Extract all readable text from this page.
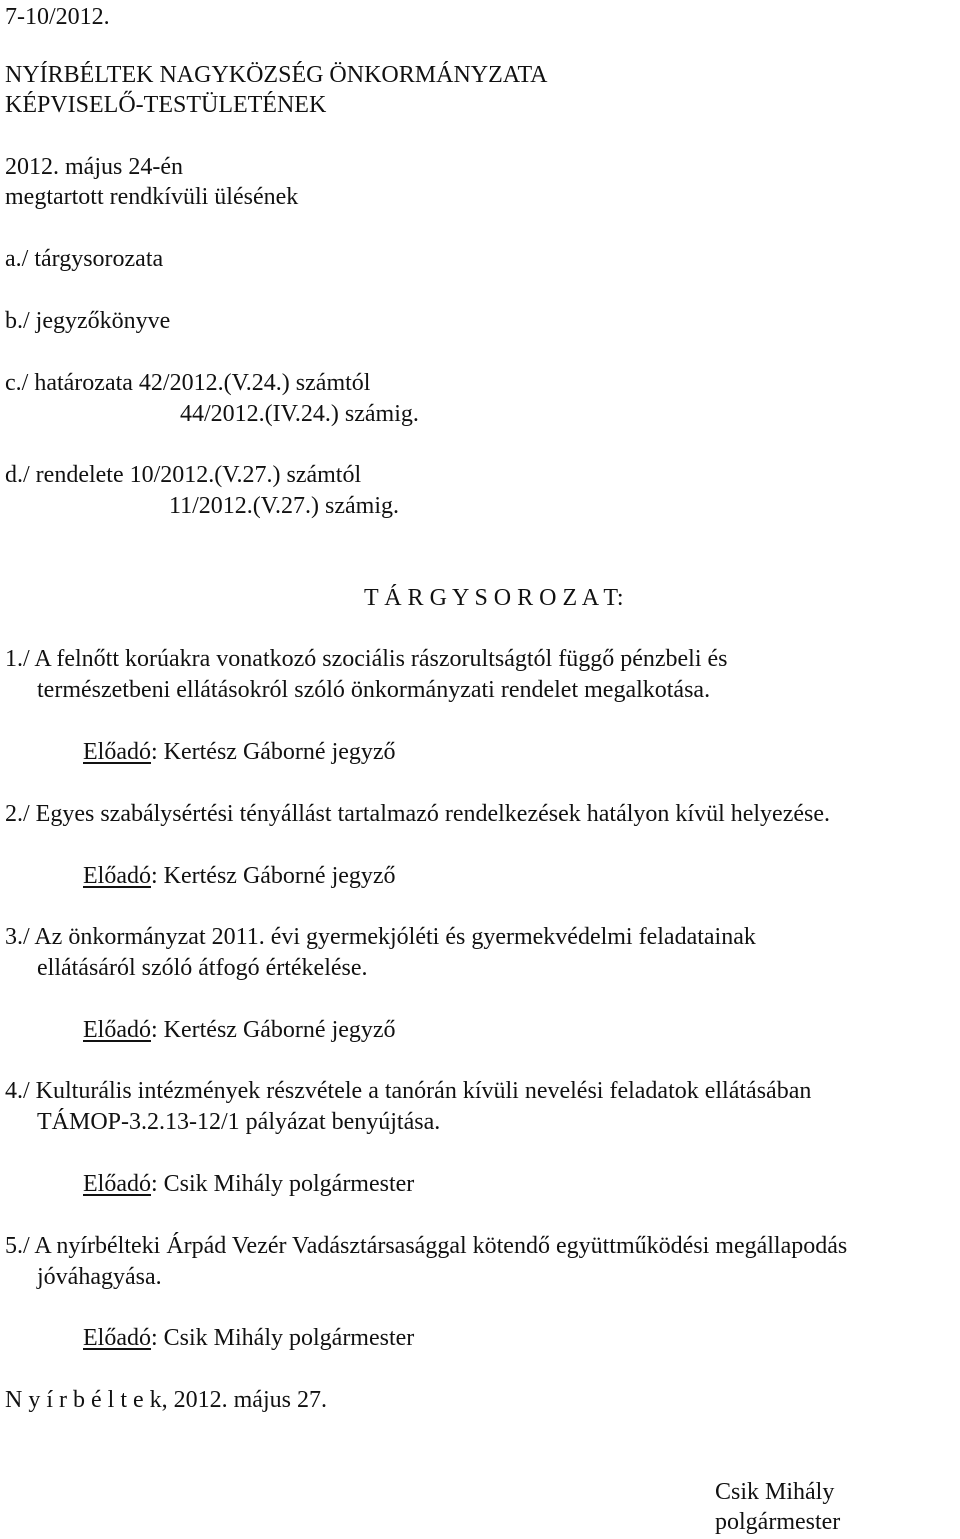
7-10/2012.
NYÍRBÉLTEK NAGYKÖZSÉG ÖNKORMÁNYZATA
KÉPVISELŐ-TESTÜLETÉNEK
2012. május 24-én
megtartott rendkívüli ülésének
a./ tárgysorozata
b./ jegyzőkönyve
c./ határozata 42/2012.(V.24.) számtól
44/2012.(IV.24.) számig.
d./ rendelete 10/2012.(V.27.) számtól
11/2012.(V.27.) számig.
T Á R G Y S O R O Z A T:
1./ A felnőtt korúakra vonatkozó szociális rászorultságtól függő pénzbeli és
természetbeni ellátásokról szóló önkormányzati rendelet megalkotása.
Előadó: Kertész Gáborné jegyző
2./ Egyes szabálysértési tényállást tartalmazó rendelkezések hatályon kívül helyezése.
Előadó: Kertész Gáborné jegyző
3./ Az önkormányzat 2011. évi gyermekjóléti és gyermekvédelmi feladatainak
ellátásáról szóló átfogó értékelése.
Előadó: Kertész Gáborné jegyző
4./ Kulturális intézmények részvétele a tanórán kívüli nevelési feladatok ellátásában
TÁMOP-3.2.13-12/1 pályázat benyújtása.
Előadó: Csik Mihály polgármester
5./ A nyírbélteki Árpád Vezér Vadásztársasággal kötendő együttműködési megállapodás
jóváhagyása.
Előadó: Csik Mihály polgármester
N y í r b é l t e k, 2012. május 27.
Csik Mihály
polgármester
